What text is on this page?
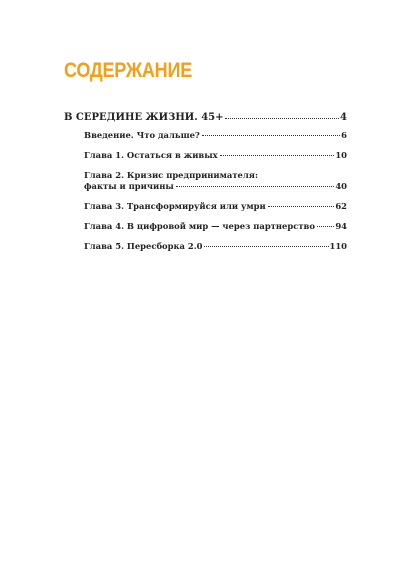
СОДЕРЖАНИЕ
В СЕРЕДИНЕ ЖИЗНИ. 45+	4
Введение. Что дальше?	6
Глава 1. Остаться в живых	10
Глава 2. Кризис предпринимателя:
факты и причины	40
Глава 3. Трансформируйся или умри	62
Глава 4. В цифровой мир — через партнерство 94
Глава 5. Пересборка 2.0	110
